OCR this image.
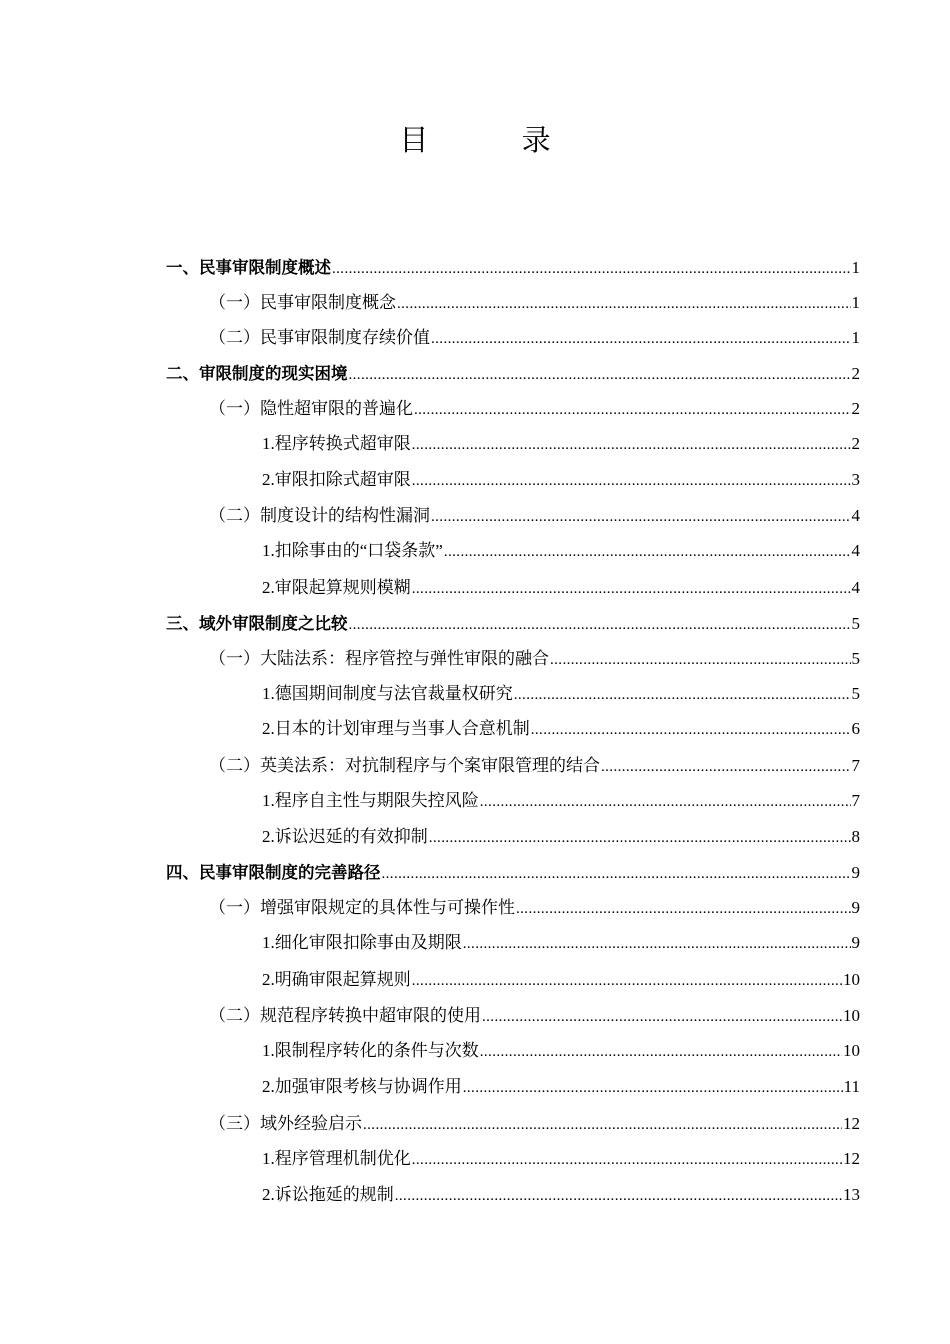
目 录
一、民事审限制度概述 .....	1
（一）民事审限制度概念 .....	1
（二）民事审限制度存续价值 .....	1
二、审限制度的现实困境 .....	2
（一）隐性超审限的普遍化 .....	2
1.程序转换式超审限 .....	2
2.审限扣除式超审限 .....	3
（二）制度设计的结构性漏洞 .....	4
1.扣除事由的“口袋条款” .....	4
2.审限起算规则模糊 .....	4
三、域外审限制度之比较 .....	5
（一）大陆法系：程序管控与弹性审限的融合 .....	5
1.德国期间制度与法官裁量权研究 .....	5
2.日本的计划审理与当事人合意机制 .....	6
（二）英美法系：对抗制程序与个案审限管理的结合 .....	7
1.程序自主性与期限失控风险 .....	7
2.诉讼迟延的有效抑制 .....	8
四、民事审限制度的完善路径 .....	9
（一）增强审限规定的具体性与可操作性 .....	9
1.细化审限扣除事由及期限 .....	9
2.明确审限起算规则 .....	10
（二）规范程序转换中超审限的使用 .....	10
1.限制程序转化的条件与次数 .....	10
2.加强审限考核与协调作用 .....	11
（三）域外经验启示 .....	12
1.程序管理机制优化 .....	12
2.诉讼拖延的规制 .....	13
